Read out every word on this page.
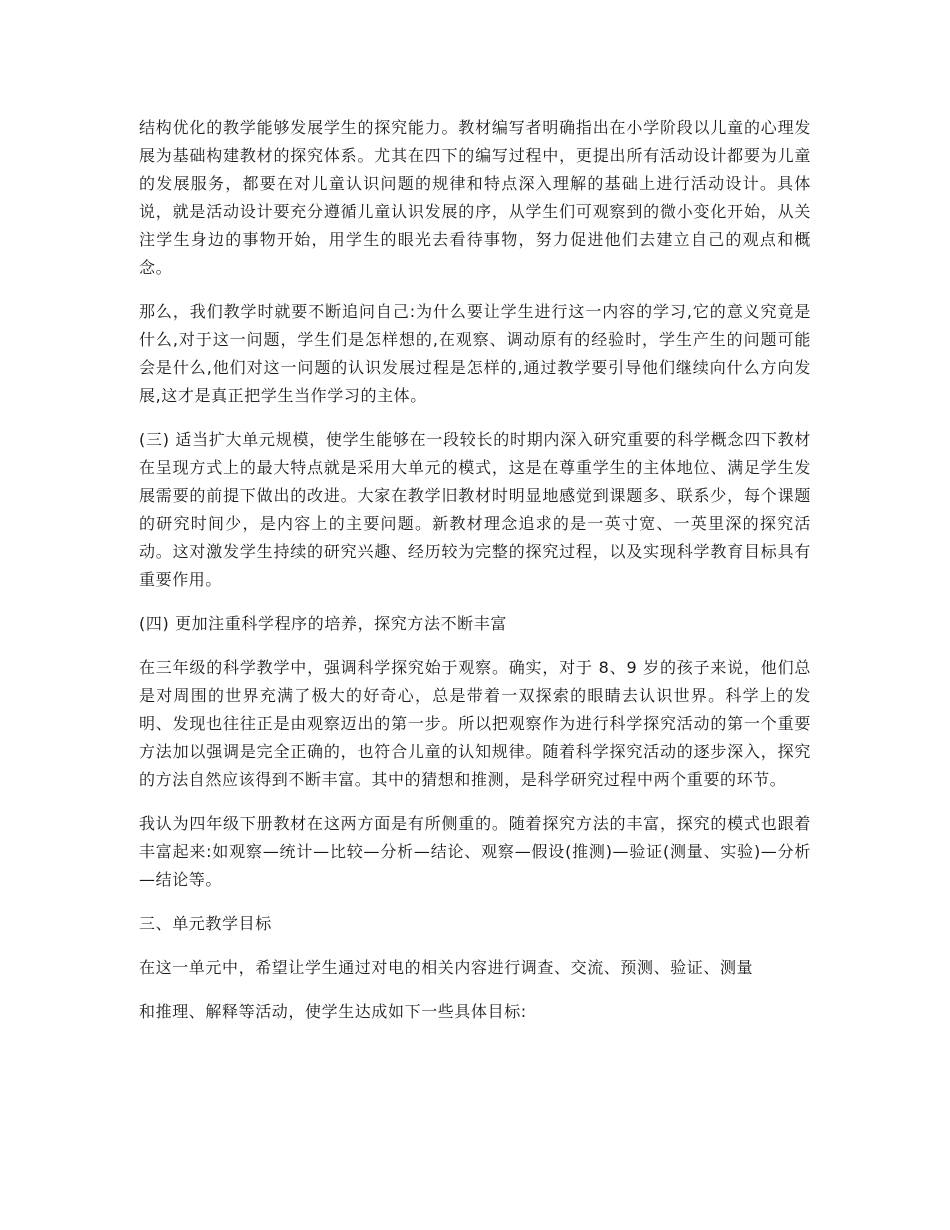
结构优化的教学能够发展学生的探究能力。教材编写者明确指出在小学阶段以儿童的心理发展为基础构建教材的探究体系。尤其在四下的编写过程中，更提出所有活动设计都要为儿童的发展服务，都要在对儿童认识问题的规律和特点深入理解的基础上进行活动设计。具体说，就是活动设计要充分遵循儿童认识发展的序，从学生们可观察到的微小变化开始，从关注学生身边的事物开始，用学生的眼光去看待事物，努力促进他们去建立自己的观点和概念。

那么，我们教学时就要不断追问自己:为什么要让学生进行这一内容的学习,它的意义究竟是什么,对于这一问题，学生们是怎样想的,在观察、调动原有的经验时，学生产生的问题可能会是什么,他们对这一问题的认识发展过程是怎样的,通过教学要引导他们继续向什么方向发展,这才是真正把学生当作学习的主体。

(三) 适当扩大单元规模，使学生能够在一段较长的时期内深入研究重要的科学概念四下教材在呈现方式上的最大特点就是采用大单元的模式，这是在尊重学生的主体地位、满足学生发展需要的前提下做出的改进。大家在教学旧教材时明显地感觉到课题多、联系少，每个课题的研究时间少，是内容上的主要问题。新教材理念追求的是一英寸宽、一英里深的探究活动。这对激发学生持续的研究兴趣、经历较为完整的探究过程，以及实现科学教育目标具有重要作用。

(四) 更加注重科学程序的培养，探究方法不断丰富

在三年级的科学教学中，强调科学探究始于观察。确实，对于 8、9 岁的孩子来说，他们总是对周围的世界充满了极大的好奇心，总是带着一双探索的眼睛去认识世界。科学上的发明、发现也往往正是由观察迈出的第一步。所以把观察作为进行科学探究活动的第一个重要方法加以强调是完全正确的，也符合儿童的认知规律。随着科学探究活动的逐步深入，探究的方法自然应该得到不断丰富。其中的猜想和推测，是科学研究过程中两个重要的环节。

我认为四年级下册教材在这两方面是有所侧重的。随着探究方法的丰富，探究的模式也跟着丰富起来:如观察—统计—比较—分析—结论、观察—假设(推测)—验证(测量、实验)—分析—结论等。

三、单元教学目标

在这一单元中，希望让学生通过对电的相关内容进行调查、交流、预测、验证、测量

和推理、解释等活动，使学生达成如下一些具体目标:
